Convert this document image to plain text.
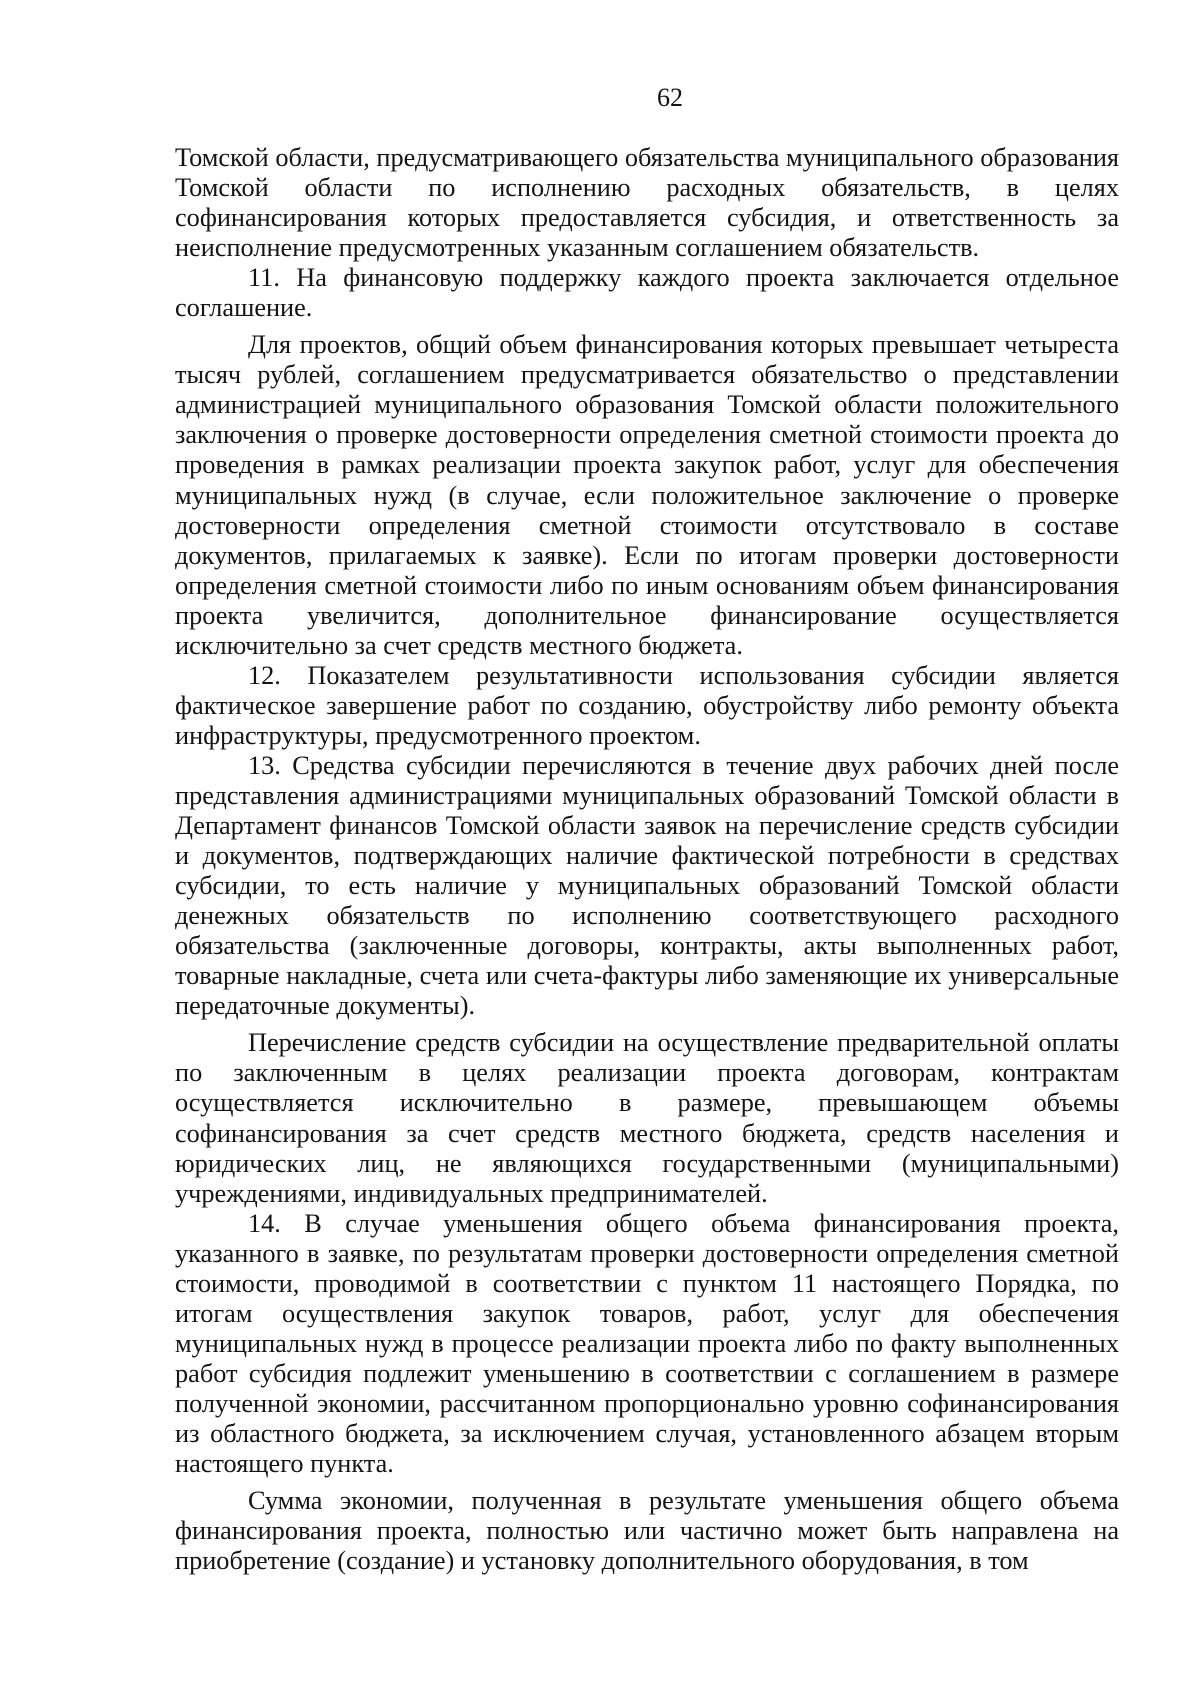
62

Томской области, предусматривающего обязательства муниципального образования Томской области по исполнению расходных обязательств, в целях софинансирования которых предоставляется субсидия, и ответственность за неисполнение предусмотренных указанным соглашением обязательств.

11. На финансовую поддержку каждого проекта заключается отдельное соглашение.

Для проектов, общий объем финансирования которых превышает четыреста тысяч рублей, соглашением предусматривается обязательство о представлении администрацией муниципального образования Томской области положительного заключения о проверке достоверности определения сметной стоимости проекта до проведения в рамках реализации проекта закупок работ, услуг для обеспечения муниципальных нужд (в случае, если положительное заключение о проверке достоверности определения сметной стоимости отсутствовало в составе документов, прилагаемых к заявке). Если по итогам проверки достоверности определения сметной стоимости либо по иным основаниям объем финансирования проекта увеличится, дополнительное финансирование осуществляется исключительно за счет средств местного бюджета.

12. Показателем результативности использования субсидии является фактическое завершение работ по созданию, обустройству либо ремонту объекта инфраструктуры, предусмотренного проектом.

13. Средства субсидии перечисляются в течение двух рабочих дней после представления администрациями муниципальных образований Томской области в Департамент финансов Томской области заявок на перечисление средств субсидии и документов, подтверждающих наличие фактической потребности в средствах субсидии, то есть наличие у муниципальных образований Томской области денежных обязательств по исполнению соответствующего расходного обязательства (заключенные договоры, контракты, акты выполненных работ, товарные накладные, счета или счета-фактуры либо заменяющие их универсальные передаточные документы).

Перечисление средств субсидии на осуществление предварительной оплаты по заключенным в целях реализации проекта договорам, контрактам осуществляется исключительно в размере, превышающем объемы софинансирования за счет средств местного бюджета, средств населения и юридических лиц, не являющихся государственными (муниципальными) учреждениями, индивидуальных предпринимателей.

14. В случае уменьшения общего объема финансирования проекта, указанного в заявке, по результатам проверки достоверности определения сметной стоимости, проводимой в соответствии с пунктом 11 настоящего Порядка, по итогам осуществления закупок товаров, работ, услуг для обеспечения муниципальных нужд в процессе реализации проекта либо по факту выполненных работ субсидия подлежит уменьшению в соответствии с соглашением в размере полученной экономии, рассчитанном пропорционально уровню софинансирования из областного бюджета, за исключением случая, установленного абзацем вторым настоящего пункта.

Сумма экономии, полученная в результате уменьшения общего объема финансирования проекта, полностью или частично может быть направлена на приобретение (создание) и установку дополнительного оборудования, в том
